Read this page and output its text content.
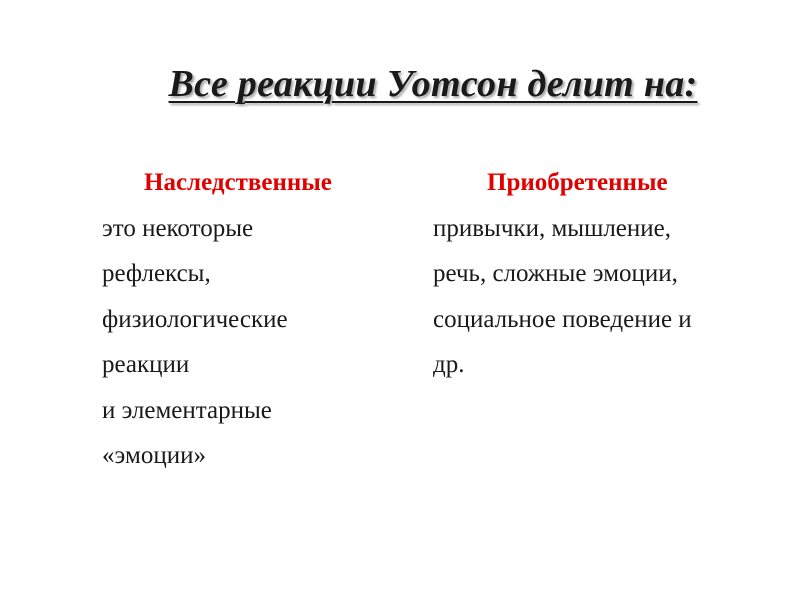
Все реакции Уотсон делит на:
Наследственные
это некоторые
рефлексы,
физиологические
реакции
и элементарные
«эмоции»
Приобретенные
привычки, мышление,
речь, сложные эмоции,
социальное поведение и
др.
